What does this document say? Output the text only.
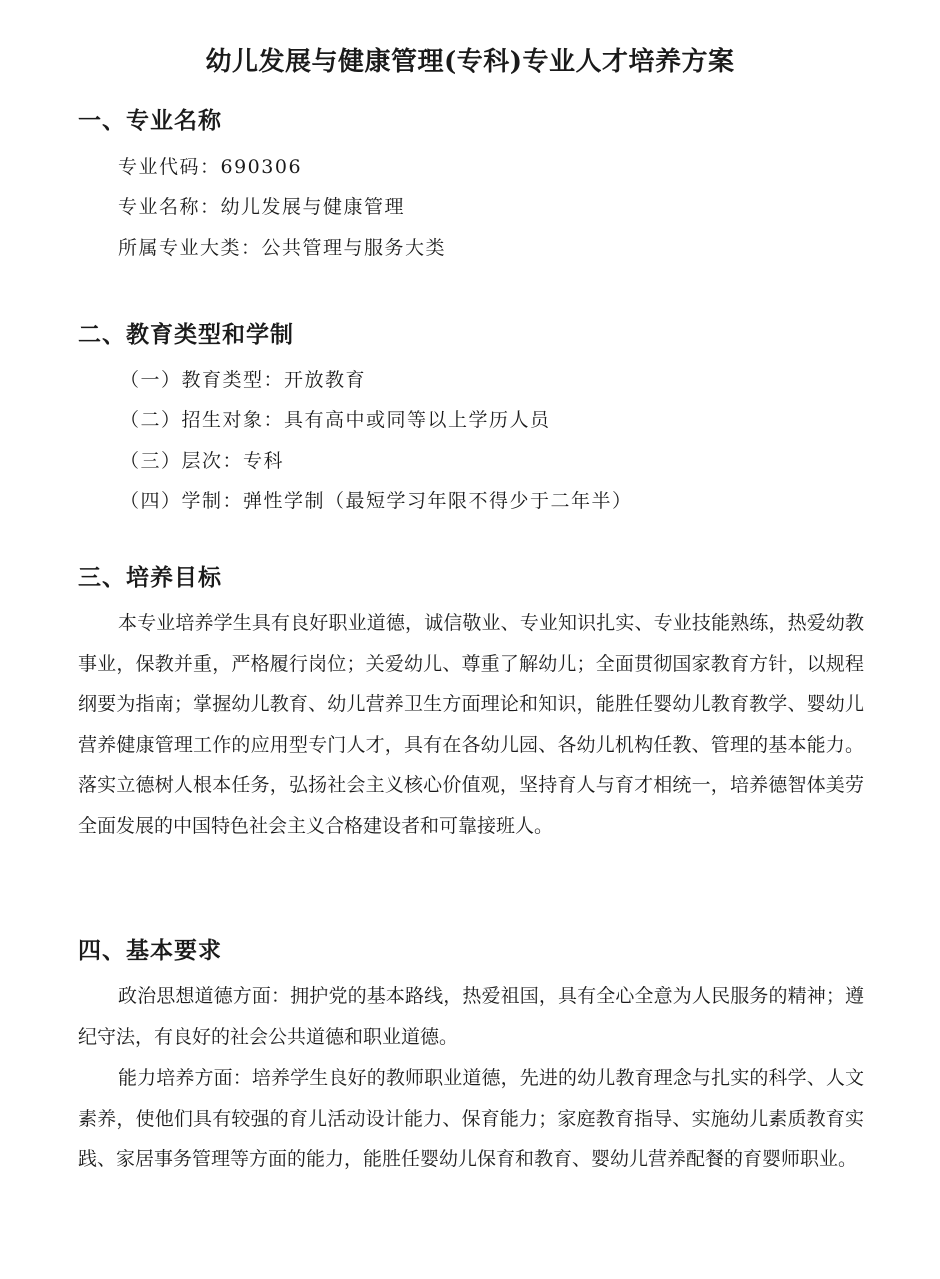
幼儿发展与健康管理(专科)专业人才培养方案
一、专业名称
专业代码：690306
专业名称：幼儿发展与健康管理
所属专业大类：公共管理与服务大类
二、教育类型和学制
（一）教育类型：开放教育
（二）招生对象：具有高中或同等以上学历人员
（三）层次：专科
（四）学制：弹性学制（最短学习年限不得少于二年半）
三、培养目标
本专业培养学生具有良好职业道德，诚信敬业、专业知识扎实、专业技能熟练，热爱幼教事业，保教并重，严格履行岗位；关爱幼儿、尊重了解幼儿；全面贯彻国家教育方针，以规程纲要为指南；掌握幼儿教育、幼儿营养卫生方面理论和知识，能胜任婴幼儿教育教学、婴幼儿营养健康管理工作的应用型专门人才，具有在各幼儿园、各幼儿机构任教、管理的基本能力。落实立德树人根本任务，弘扬社会主义核心价值观，坚持育人与育才相统一，培养德智体美劳全面发展的中国特色社会主义合格建设者和可靠接班人。
四、基本要求
政治思想道德方面：拥护党的基本路线，热爱祖国，具有全心全意为人民服务的精神；遵纪守法，有良好的社会公共道德和职业道德。
能力培养方面：培养学生良好的教师职业道德，先进的幼儿教育理念与扎实的科学、人文素养，使他们具有较强的育儿活动设计能力、保育能力；家庭教育指导、实施幼儿素质教育实践、家居事务管理等方面的能力，能胜任婴幼儿保育和教育、婴幼儿营养配餐的育婴师职业。
